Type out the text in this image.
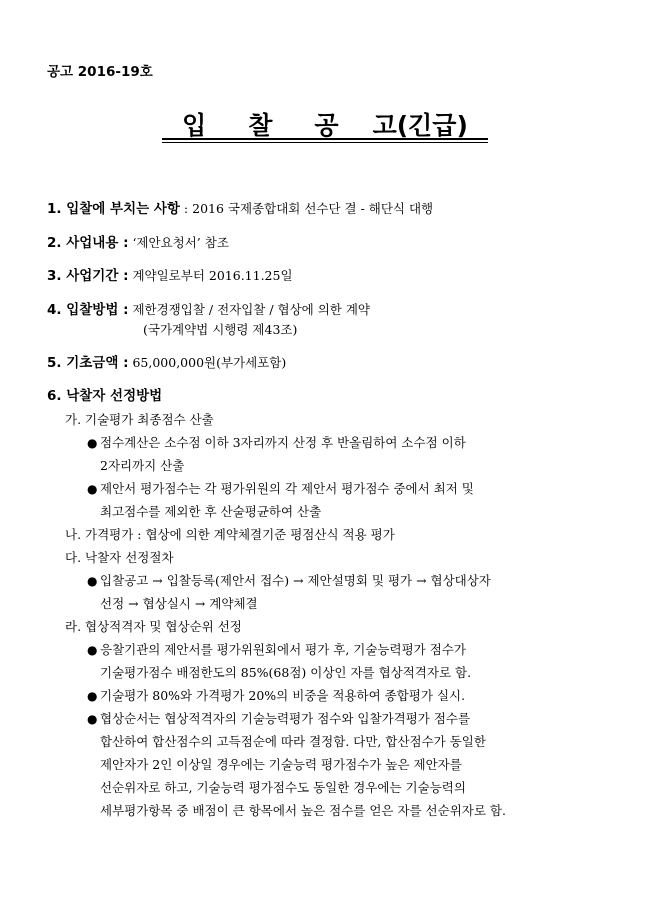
공고 2016-19호
입 찰 공 고(긴급)
1. 입찰에 부치는 사항 : 2016 국제종합대회 선수단 결 - 해단식 대행
2. 사업내용 : ‘제안요청서’ 참조
3. 사업기간 : 계약일로부터 2016.11.25일
4. 입찰방법 : 제한경쟁입찰 / 전자입찰 / 협상에 의한 계약
(국가계약법 시행령 제43조)
5. 기초금액 : 65,000,000원(부가세포함)
6. 낙찰자 선정방법
가. 기술평가 최종점수 산출
● 점수계산은 소수점 이하 3자리까지 산정 후 반올림하여 소수점 이하
2자리까지 산출
● 제안서 평가점수는 각 평가위원의 각 제안서 평가점수 중에서 최저 및
최고점수를 제외한 후 산술평균하여 산출
나. 가격평가 : 협상에 의한 계약체결기준 평점산식 적용 평가
다. 낙찰자 선정절차
● 입찰공고 → 입찰등록(제안서 접수) → 제안설명회 및 평가 → 협상대상자
선정 → 협상실시 → 계약체결
라. 협상적격자 및 협상순위 선정
● 응찰기관의 제안서를 평가위원회에서 평가 후, 기술능력평가 점수가
기술평가점수 배점한도의 85%(68점) 이상인 자를 협상적격자로 함.
● 기술평가 80%와 가격평가 20%의 비중을 적용하여 종합평가 실시.
● 협상순서는 협상적격자의 기술능력평가 점수와 입찰가격평가 점수를
합산하여 합산점수의 고득점순에 따라 결정함. 다만, 합산점수가 동일한
제안자가 2인 이상일 경우에는 기술능력 평가점수가 높은 제안자를
선순위자로 하고, 기술능력 평가점수도 동일한 경우에는 기술능력의
세부평가항목 중 배점이 큰 항목에서 높은 점수를 얻은 자를 선순위자로 함.
